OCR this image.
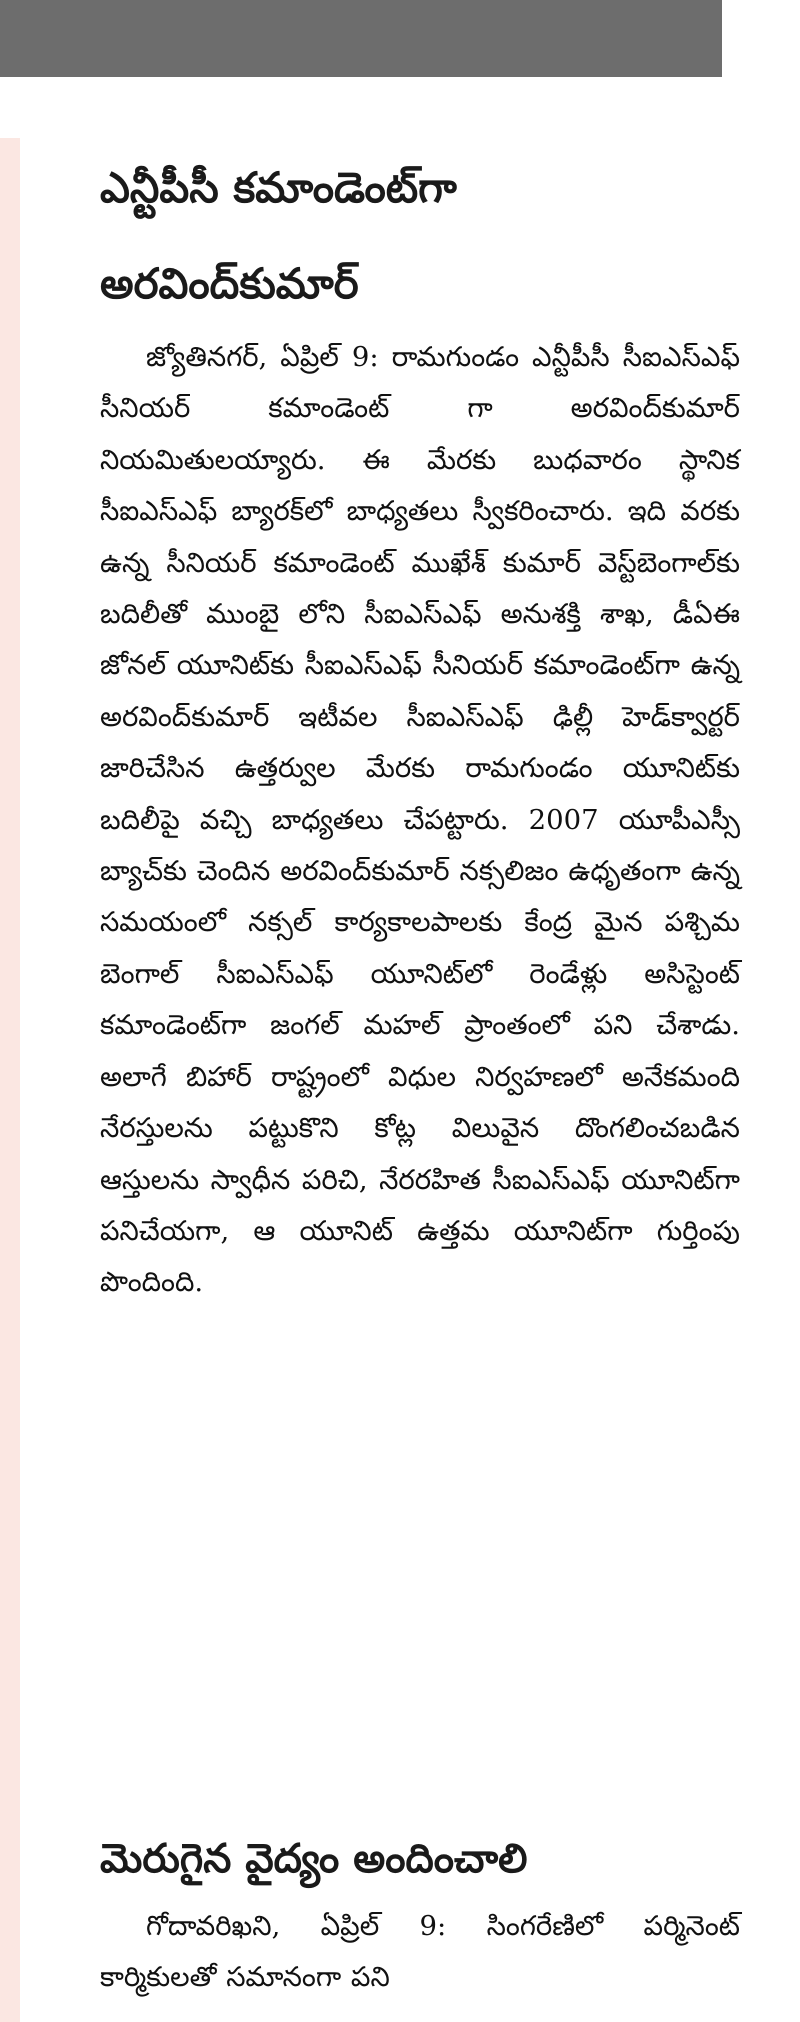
ఎన్టీపీసీ కమాండెంట్‌గా
అరవింద్‌కుమార్

జ్యోతినగర్, ఏప్రిల్ 9: రామగుండం ఎన్టీపీసీ సీఐఎస్ఎఫ్ సీనియర్ కమాండెంట్ గా అరవింద్‌కుమార్ నియమితులయ్యారు. ఈ మేరకు బుధవారం స్థానిక సీఐఎస్ఎఫ్ బ్యారక్‌లో బాధ్యతలు స్వీకరించారు. ఇది వరకు ఉన్న సీనియర్ కమాండెంట్ ముఖేశ్ కుమార్ వెస్ట్‌బెంగాల్‌కు బదిలీతో ముంబై లోని సీఐఎస్ఎఫ్ అనుశక్తి శాఖ, డీఏఈ జోనల్ యూనిట్‌కు సీఐఎస్ఎఫ్ సీనియర్ కమాండెంట్‌గా ఉన్న అరవింద్‌కుమార్ ఇటీవల సీఐఎస్ఎఫ్ ఢిల్లీ హెడ్‌క్వార్టర్ జారిచేసిన ఉత్తర్వుల మేరకు రామగుండం యూనిట్‌కు బదిలీపై వచ్చి బాధ్యతలు చేపట్టారు. 2007 యూపీఎస్సీ బ్యాచ్‌కు చెందిన అరవింద్‌కుమార్ నక్సలిజం ఉధృతంగా ఉన్న సమయంలో నక్సల్ కార్యకాలపాలకు కేంద్ర మైన పశ్చిమ బెంగాల్ సీఐఎస్ఎఫ్ యూనిట్‌లో రెండేళ్లు అసిస్టెంట్ కమాండెంట్‌గా జంగల్ మహల్ ప్రాంతంలో పని చేశాడు. అలాగే బిహార్ రాష్ట్రంలో విధుల నిర్వహణలో అనేకమంది నేరస్తులను పట్టుకొని కోట్ల విలువైన దొంగలించబడిన ఆస్తులను స్వాధీన పరిచి, నేరరహిత సీఐఎస్ఎఫ్ యూనిట్‌గా పనిచేయగా, ఆ యూనిట్ ఉత్తమ యూనిట్‌గా గుర్తింపు పొందింది.

మెరుగైన వైద్యం అందించాలి

గోదావరిఖని, ఏప్రిల్ 9: సింగరేణిలో పర్మినెంట్ కార్మికులతో సమానంగా పని
